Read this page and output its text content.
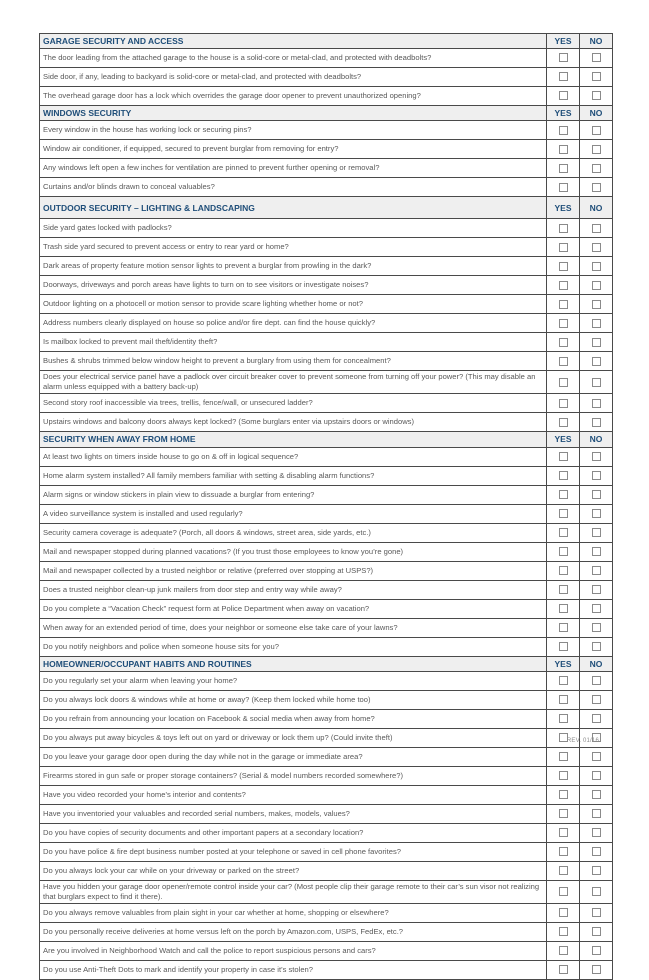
GARAGE SECURITY AND ACCESS	YES	NO
The door leading from the attached garage to the house is a solid-core or metal-clad, and protected with deadbolts?		
Side door, if any, leading to backyard is solid-core or metal-clad, and protected with deadbolts?		
The overhead garage door has a lock which overrides the garage door opener to prevent unauthorized opening?		
WINDOWS SECURITY	YES	NO
Every window in the house has working lock or securing pins?		
Window air conditioner, if equipped, secured to prevent burglar from removing for entry?		
Any windows left open a few inches for ventilation are pinned to prevent further opening or removal?		
Curtains and/or blinds drawn to conceal valuables?		
OUTDOOR SECURITY – LIGHTING & LANDSCAPING	YES	NO
Side yard gates locked with padlocks?		
Trash side yard secured to prevent access or entry to rear yard or home?		
Dark areas of property feature motion sensor lights to prevent a burglar from prowling in the dark?		
Doorways, driveways and porch areas have lights to turn on to see visitors or investigate noises?		
Outdoor lighting on a photocell or motion sensor to provide scare lighting whether home or not?		
Address numbers clearly displayed on house so police and/or fire dept. can find the house quickly?		
Is mailbox locked to prevent mail theft/identity theft?		
Bushes & shrubs trimmed below window height to prevent a burglary from using them for concealment?		
Does your electrical service panel have a padlock over circuit breaker cover to prevent someone from turning off your power? (This may disable an alarm unless equipped with a battery back-up)		
Second story roof inaccessible via trees, trellis, fence/wall, or unsecured ladder?		
Upstairs windows and balcony doors always kept locked? (Some burglars enter via upstairs doors or windows)		
SECURITY WHEN AWAY FROM HOME	YES	NO
At least two lights on timers inside house to go on & off in logical sequence?		
Home alarm system installed? All family members familiar with setting & disabling alarm functions?		
Alarm signs or window stickers in plain view to dissuade a burglar from entering?		
A video surveillance system is installed and used regularly?		
Security camera coverage is adequate? (Porch, all doors & windows, street area, side yards, etc.)		
Mail and newspaper stopped during planned vacations? (If you trust those employees to know you’re gone)		
Mail and newspaper collected by a trusted neighbor or relative (preferred over stopping at USPS?)		
Does a trusted neighbor clean-up junk mailers from door step and entry way while away?		
Do you complete a “Vacation Check” request form at Police Department when away on vacation?		
When away for an extended period of time, does your neighbor or someone else take care of your lawns?		
Do you notify neighbors and police when someone house sits for you?		
HOMEOWNER/OCCUPANT HABITS AND ROUTINES	YES	NO
Do you regularly set your alarm when leaving your home?		
Do you always lock doors & windows while at home or away? (Keep them locked while home too)		
Do you refrain from announcing your location on Facebook & social media when away from home?		
Do you always put away bicycles & toys left out on yard or driveway or lock them up? (Could invite theft)		
Do you leave your garage door open during the day while not in the garage or immediate area?		
Firearms stored in gun safe or proper storage containers? (Serial & model numbers recorded somewhere?)		
Have you video recorded your home’s interior and contents?		
Have you inventoried your valuables and recorded serial numbers, makes, models, values?		
Do you have copies of security documents and other important papers at a secondary location?		
Do you have police & fire dept business number posted at your telephone or saved in cell phone favorites?		
Do you always lock your car while on your driveway or parked on the street?		
Have you hidden your garage door opener/remote control inside your car? (Most people clip their garage remote to their car’s sun visor not realizing that burglars expect to find it there).		
Do you always remove valuables from plain sight in your car whether at home, shopping or elsewhere?		
Do you personally receive deliveries at home versus left on the porch by Amazon.com, USPS, FedEx, etc.?		
Are you involved in Neighborhood Watch and call the police to report suspicious persons and cars?		
Do you use Anti-Theft Dots to mark and identify your property in case it’s stolen?		
REV. 01/16
